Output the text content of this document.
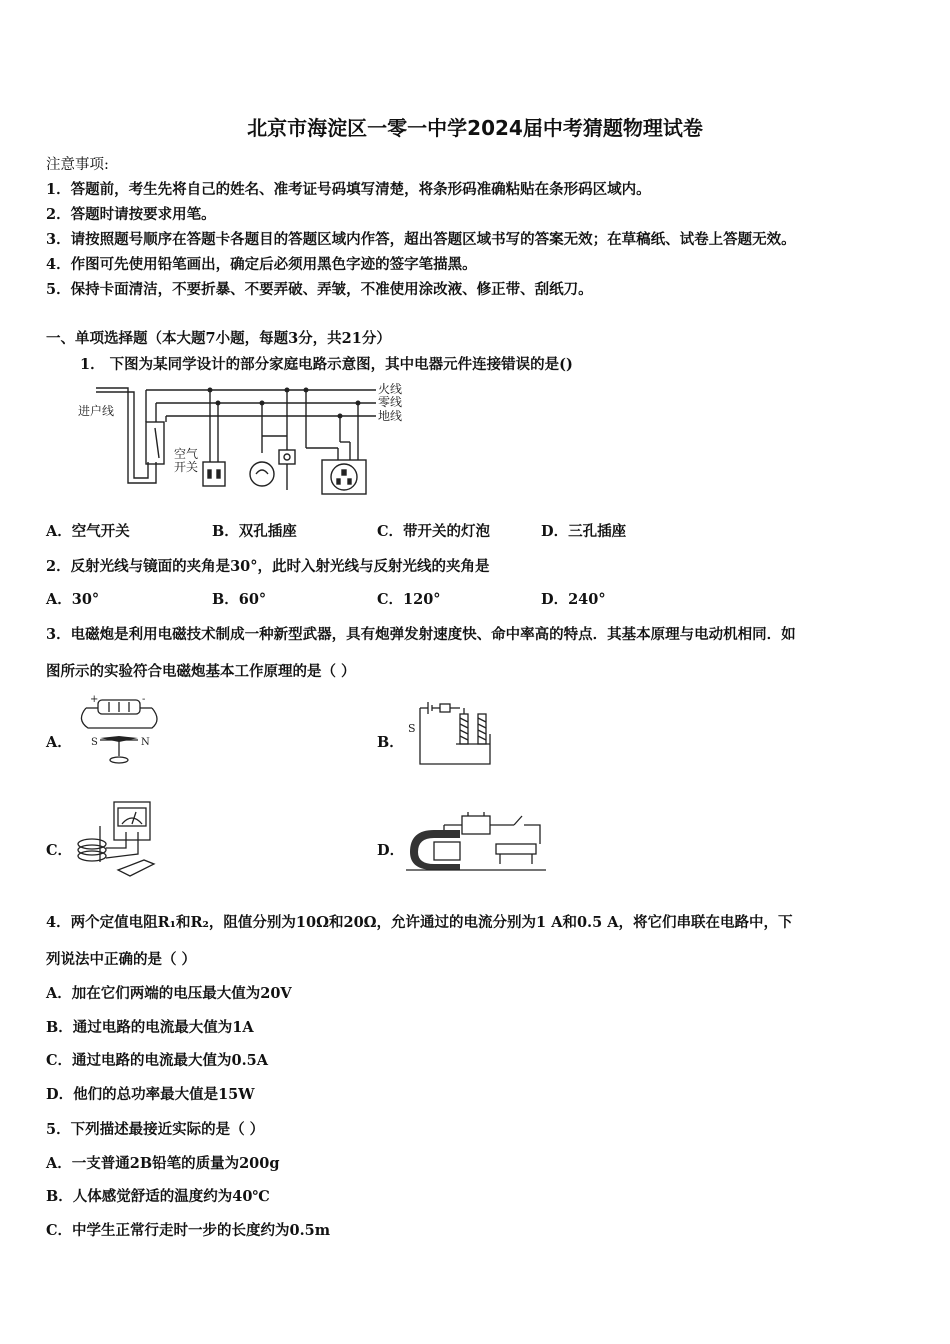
北京市海淀区一零一中学2024届中考猜题物理试卷
注意事项:
1．答题前，考生先将自己的姓名、准考证号码填写清楚，将条形码准确粘贴在条形码区域内。
2．答题时请按要求用笔。
3．请按照题号顺序在答题卡各题目的答题区域内作答，超出答题区域书写的答案无效；在草稿纸、试卷上答题无效。
4．作图可先使用铅笔画出，确定后必须用黑色字迹的签字笔描黑。
5．保持卡面清洁，不要折暴、不要弄破、弄皱，不准使用涂改液、修正带、刮纸刀。
一、单项选择题（本大题7小题，每题3分，共21分）
1． 下图为某同学设计的部分家庭电路示意图，其中电器元件连接错误的是()
火线
零线
地线
进户线
空气
开关
A．空气开关	B．双孔插座	C．带开关的灯泡	D．三孔插座
2．反射光线与镜面的夹角是30°，此时入射光线与反射光线的夹角是
A．30°	B．60°	C．120°	D．240°
3．电磁炮是利用电磁技术制成一种新型武器，具有炮弹发射速度快、命中率高的特点．其基本原理与电动机相同．如
图所示的实验符合电磁炮基本工作原理的是（ ）
A．
+	-
S	N	B．
S
C．	D．
4．两个定值电阻R₁和R₂，阻值分别为10Ω和20Ω，允许通过的电流分别为1 A和0.5 A，将它们串联在电路中，下
列说法中正确的是（ ）
A．加在它们两端的电压最大值为20V
B．通过电路的电流最大值为1A
C．通过电路的电流最大值为0.5A
D．他们的总功率最大值是15W
5．下列描述最接近实际的是（ ）
A．一支普通2B铅笔的质量为200g
B．人体感觉舒适的温度约为40℃
C．中学生正常行走时一步的长度约为0.5m
